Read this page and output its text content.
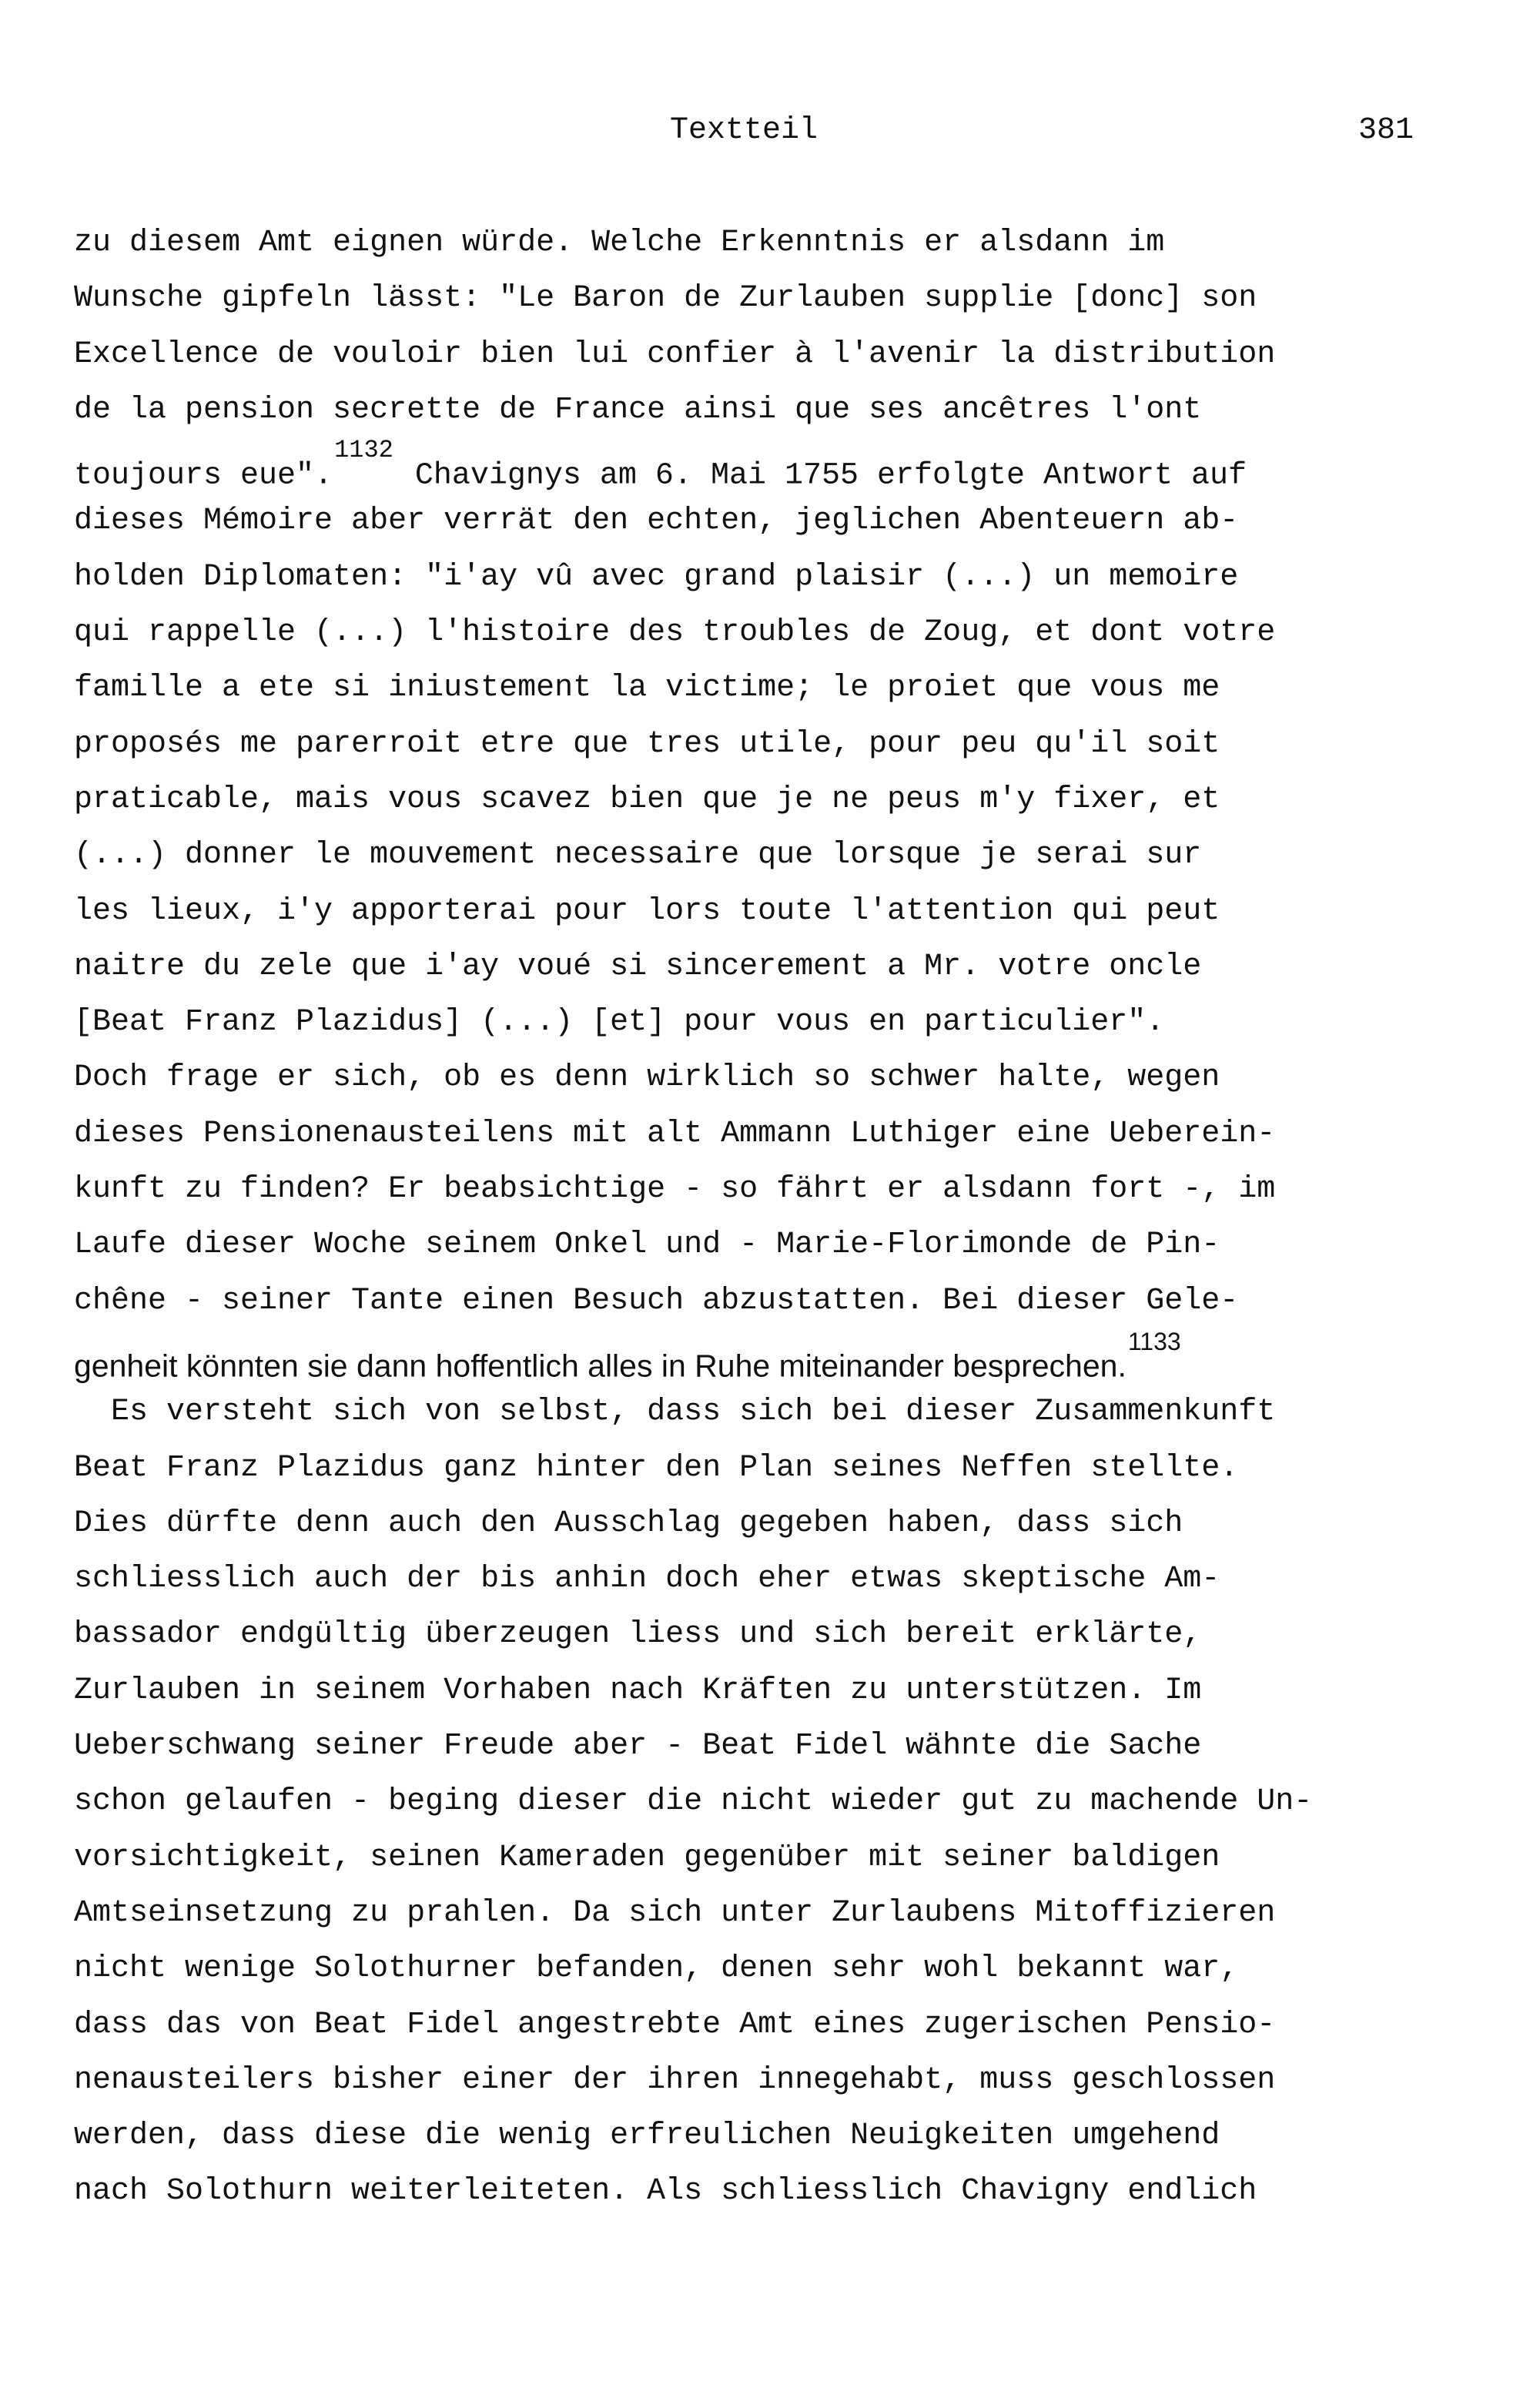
Textteil	381
zu diesem Amt eignen würde. Welche Erkenntnis er alsdann im
Wunsche gipfeln lässt: "Le Baron de Zurlauben supplie [donc] son
Excellence de vouloir bien lui confier à l'avenir la distribution
de la pension secrette de France ainsi que ses ancêtres l'ont
toujours eue".$^{1132}$Chavignys am 6. Mai 1755 erfolgte Antwort auf
dieses Mémoire aber verrät den echten, jeglichen Abenteuern ab-
holden Diplomaten: "i'ay vû avec grand plaisir (...) un memoire
qui rappelle (...) l'histoire des troubles de Zoug, et dont votre
famille a ete si iniustement la victime; le proiet que vous me
proposés me parerroit etre que tres utile, pour peu qu'il soit
praticable, mais vous scavez bien que je ne peus m'y fixer, et
(...) donner le mouvement necessaire que lorsque je serai sur
les lieux, i'y apporterai pour lors toute l'attention qui peut
naitre du zele que i'ay voué si sincerement a Mr. votre oncle
[Beat Franz Plazidus] (...) [et] pour vous en particulier".
Doch frage er sich, ob es denn wirklich so schwer halte, wegen
dieses Pensionenausteilens mit alt Ammann Luthiger eine Ueberein-
kunft zu finden? Er beabsichtige - so fährt er alsdann fort -, im
Laufe dieser Woche seinem Onkel und - Marie-Florimonde de Pin-
chêne - seiner Tante einen Besuch abzustatten. Bei dieser Gele-
genheit könnten sie dann hoffentlich alles in Ruhe miteinander besprechen.$^{1133}$
Es versteht sich von selbst, dass sich bei dieser Zusammenkunft
Beat Franz Plazidus ganz hinter den Plan seines Neffen stellte.
Dies dürfte denn auch den Ausschlag gegeben haben, dass sich
schliesslich auch der bis anhin doch eher etwas skeptische Am-
bassador endgültig überzeugen liess und sich bereit erklärte,
Zurlauben in seinem Vorhaben nach Kräften zu unterstützen. Im
Ueberschwang seiner Freude aber - Beat Fidel wähnte die Sache
schon gelaufen - beging dieser die nicht wieder gut zu machende Un-
vorsichtigkeit, seinen Kameraden gegenüber mit seiner baldigen
Amtseinsetzung zu prahlen. Da sich unter Zurlaubens Mitoffizieren
nicht wenige Solothurner befanden, denen sehr wohl bekannt war,
dass das von Beat Fidel angestrebte Amt eines zugerischen Pensio-
nenausteilers bisher einer der ihren innegehabt, muss geschlossen
werden, dass diese die wenig erfreulichen Neuigkeiten umgehend
nach Solothurn weiterleiteten. Als schliesslich Chavigny endlich
